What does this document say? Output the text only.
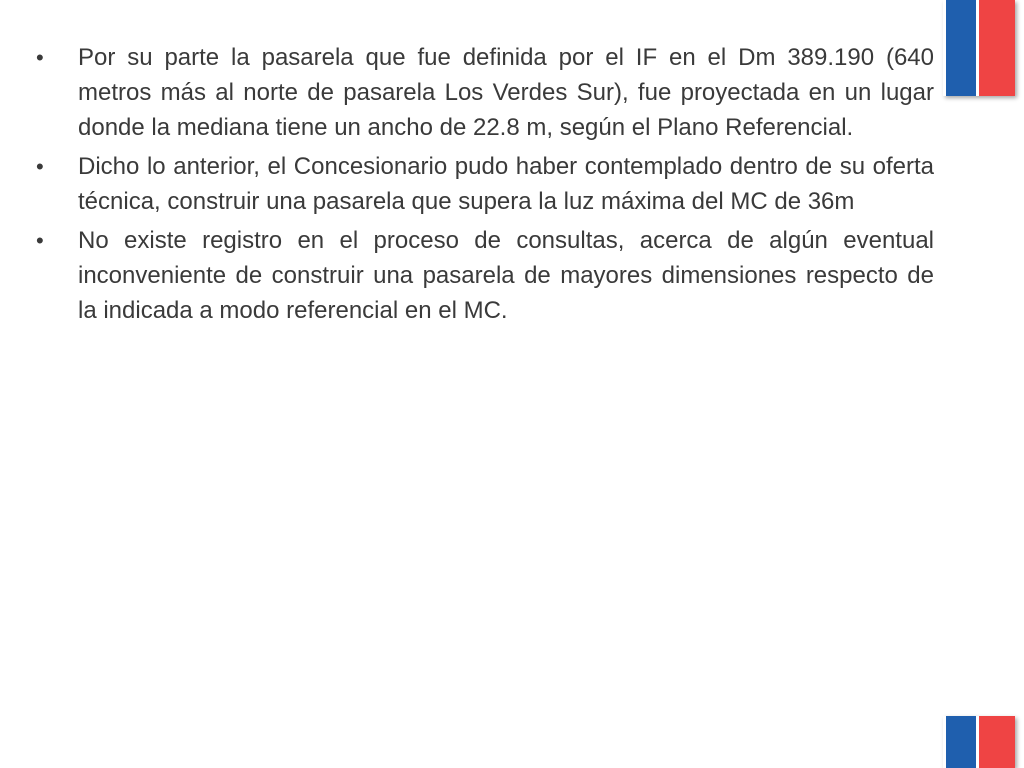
•	Por su parte la pasarela que fue definida por el IF en el Dm 389.190 (640 metros más al norte de pasarela Los Verdes Sur), fue proyectada en un lugar donde la mediana tiene un ancho de 22.8 m, según el Plano Referencial.
•	Dicho lo anterior, el Concesionario pudo haber contemplado dentro de su oferta técnica, construir una pasarela que supera la luz máxima del MC de 36m
•	No existe registro en el proceso de consultas, acerca de algún eventual inconveniente de construir una pasarela de mayores dimensiones respecto de la indicada a modo referencial en el MC.
